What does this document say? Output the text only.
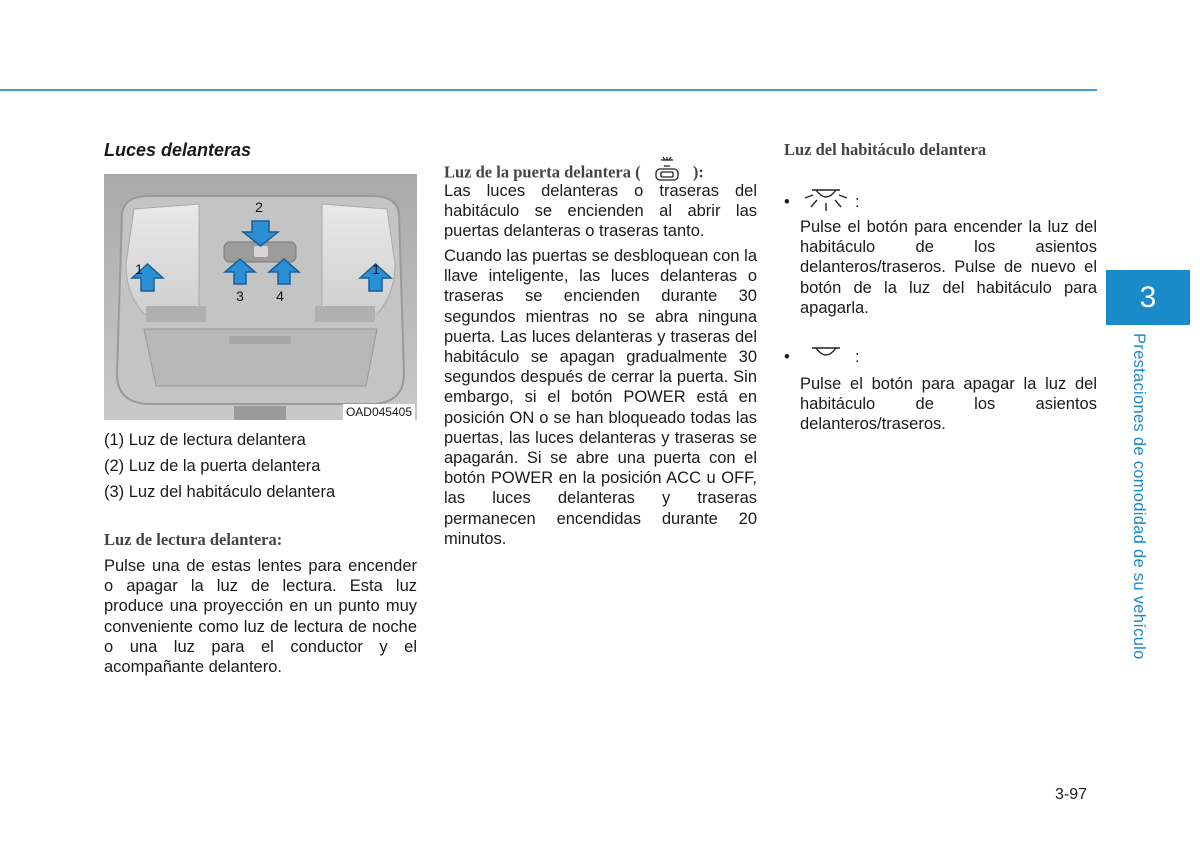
Luces delanteras
2
1
3 4
1
OAD045405
(1) Luz de lectura delantera
(2) Luz de la puerta delantera
(3) Luz del habitáculo delantera
Luz de lectura delantera:
Pulse una de estas lentes para encender o apagar la luz de lectura. Esta luz produce una proyección en un punto muy conveniente como luz de lectura de noche o una luz para el conductor y el acompañante delantero.
Luz de la puerta delantera (	):
Las luces delanteras o traseras del habitáculo se encienden al abrir las puertas delanteras o traseras tanto.
Cuando las puertas se desbloquean con la llave inteligente, las luces delanteras o traseras se encienden durante 30 segundos mientras no se abra ninguna puerta. Las luces delanteras y traseras del habitáculo se apagan gradualmente 30 segundos después de cerrar la puerta. Sin embargo, si el botón POWER está en posición ON o se han bloqueado todas las puertas, las luces delanteras y traseras se apagarán. Si se abre una puerta con el botón POWER en la posición ACC u OFF, las luces delanteras y traseras permanecen encendidas durante 20 minutos.
Luz del habitáculo delantera
•	:
Pulse el botón para encender la luz del habitáculo de los asientos delanteros/traseros. Pulse de nuevo el botón de la luz del habitáculo para apagarla.
•	:
Pulse el botón para apagar la luz del habitáculo de los asientos delanteros/traseros.
3
Prestaciones de comodidad de su vehículo
3-97
